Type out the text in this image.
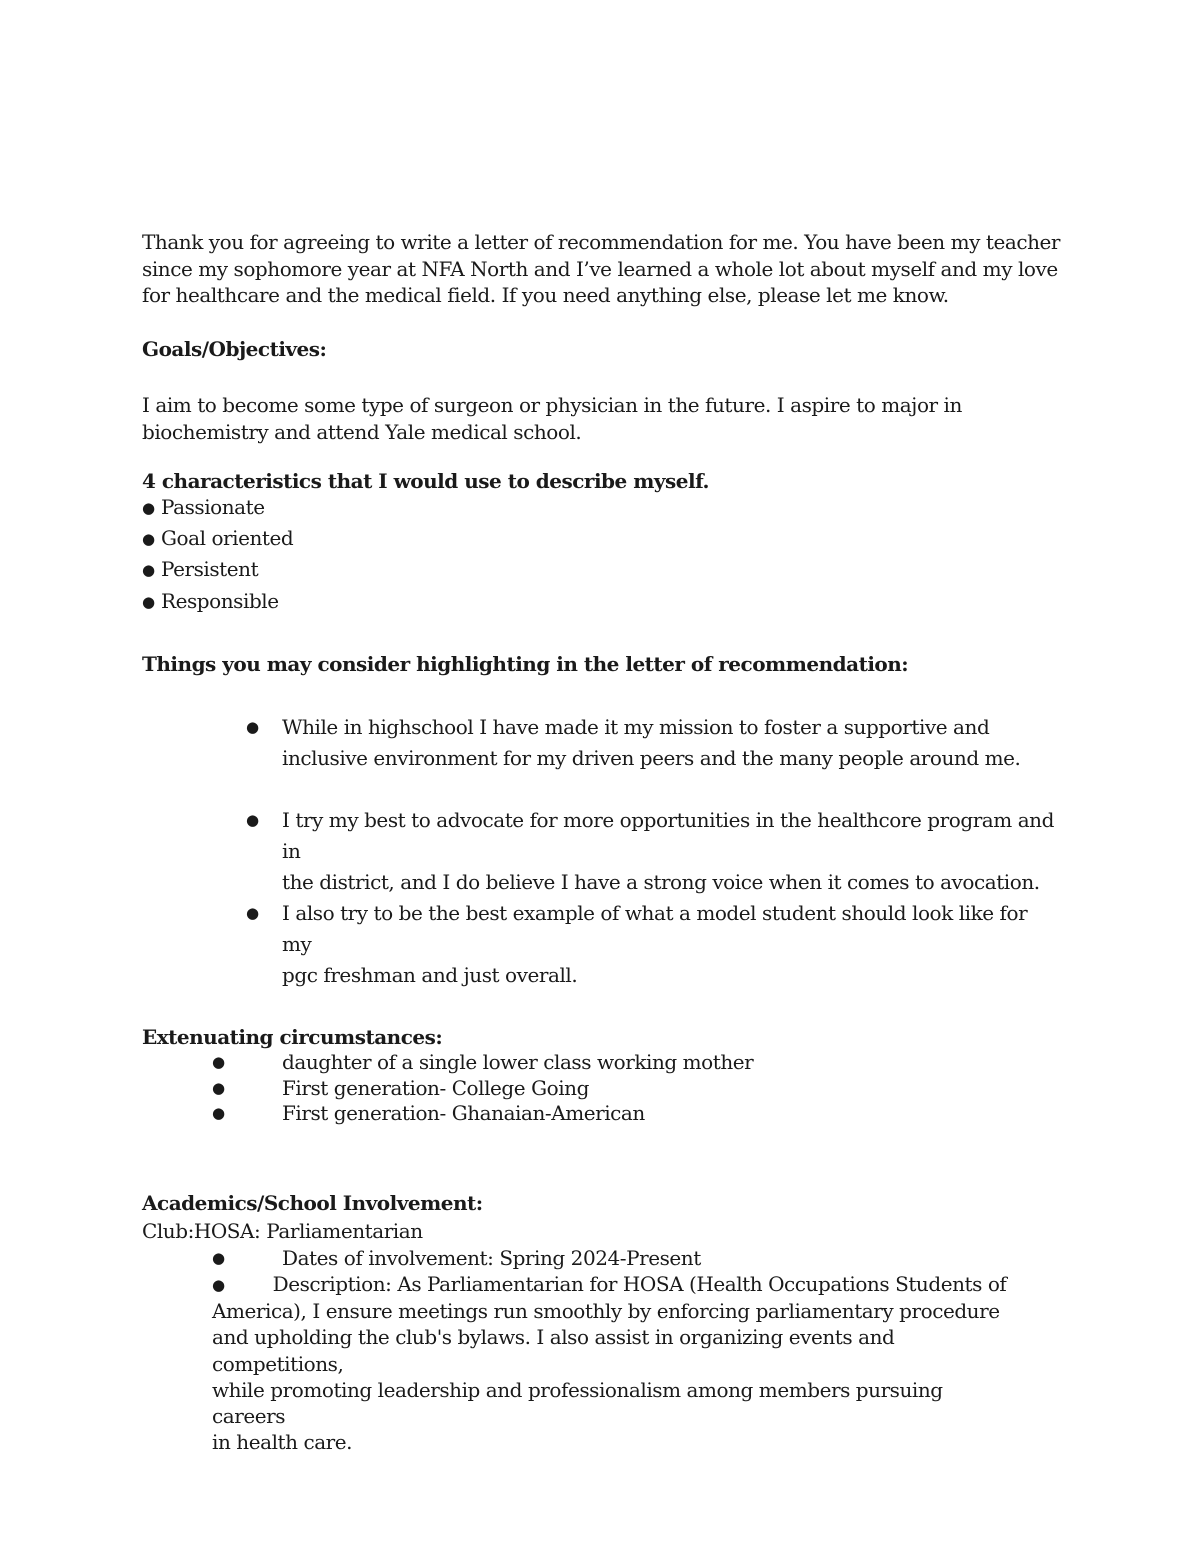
Thank you for agreeing to write a letter of recommendation for me. You have been my teacher
since my sophomore year at NFA North and I’ve learned a whole lot about myself and my love
for healthcare and the medical field. If you need anything else, please let me know.
Goals/Objectives:
I aim to become some type of surgeon or physician in the future. I aspire to major in
biochemistry and attend Yale medical school.
4 characteristics that I would use to describe myself.
● Passionate
● Goal oriented
● Persistent
● Responsible
Things you may consider highlighting in the letter of recommendation:
● While in highschool I have made it my mission to foster a supportive and
inclusive environment for my driven peers and the many people around me.
● I try my best to advocate for more opportunities in the healthcore program and in
the district, and I do believe I have a strong voice when it comes to avocation.
● I also try to be the best example of what a model student should look like for my
pgc freshman and just overall.
Extenuating circumstances:
●	daughter of a single lower class working mother
●	First generation- College Going
●	First generation- Ghanaian-American
Academics/School Involvement:
Club:HOSA: Parliamentarian
●	Dates of involvement: Spring 2024-Present
● Description: As Parliamentarian for HOSA (Health Occupations Students of
America), I ensure meetings run smoothly by enforcing parliamentary procedure
and upholding the club's bylaws. I also assist in organizing events and competitions,
while promoting leadership and professionalism among members pursuing careers
in health care.
